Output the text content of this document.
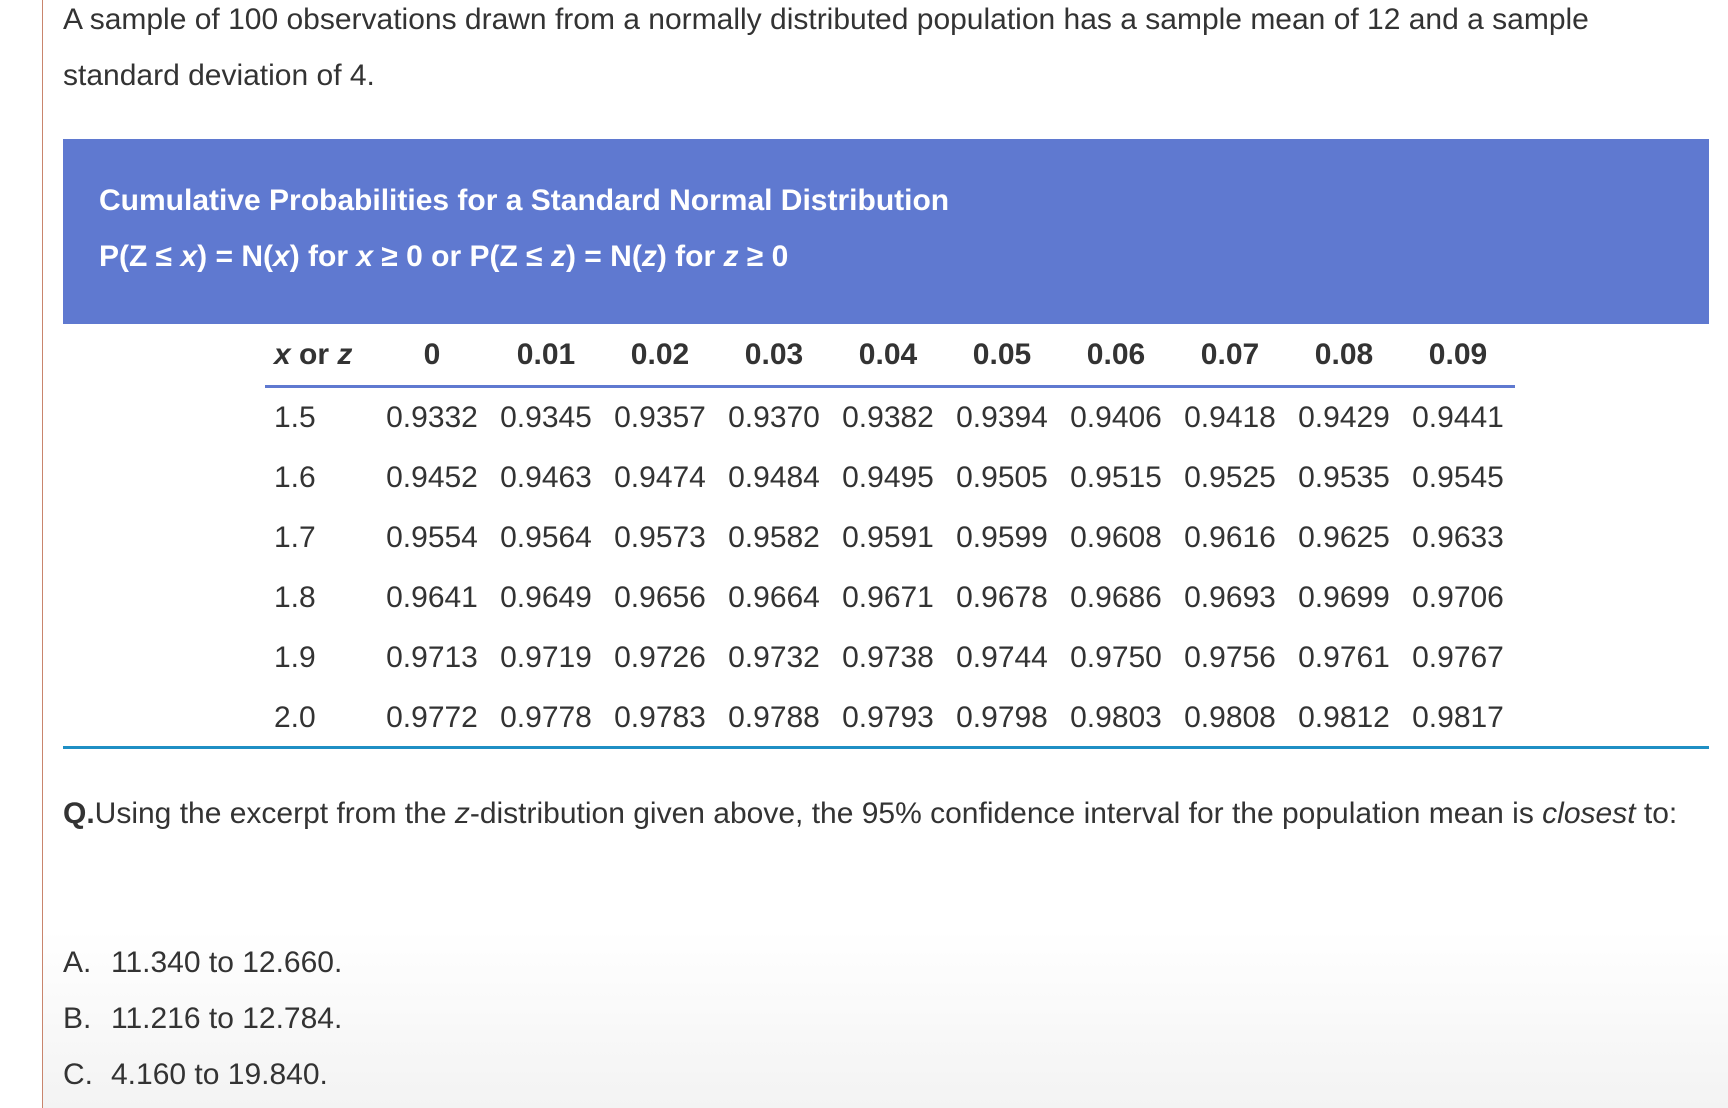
A sample of 100 observations drawn from a normally distributed population has a sample mean of 12 and a sample standard deviation of 4.

Cumulative Probabilities for a Standard Normal Distribution
P(Z ≤ x) = N(x) for x ≥ 0 or P(Z ≤ z) = N(z) for z ≥ 0
x or z	0	0.01	0.02	0.03	0.04	0.05	0.06	0.07	0.08	0.09
1.5	0.9332	0.9345	0.9357	0.9370	0.9382	0.9394	0.9406	0.9418	0.9429	0.9441
1.6	0.9452	0.9463	0.9474	0.9484	0.9495	0.9505	0.9515	0.9525	0.9535	0.9545
1.7	0.9554	0.9564	0.9573	0.9582	0.9591	0.9599	0.9608	0.9616	0.9625	0.9633
1.8	0.9641	0.9649	0.9656	0.9664	0.9671	0.9678	0.9686	0.9693	0.9699	0.9706
1.9	0.9713	0.9719	0.9726	0.9732	0.9738	0.9744	0.9750	0.9756	0.9761	0.9767
2.0	0.9772	0.9778	0.9783	0.9788	0.9793	0.9798	0.9803	0.9808	0.9812	0.9817
Q.Using the excerpt from the z-distribution given above, the 95% confidence interval for the population mean is closest to:
A. 11.340 to 12.660.
B. 11.216 to 12.784.
C. 4.160 to 19.840.
